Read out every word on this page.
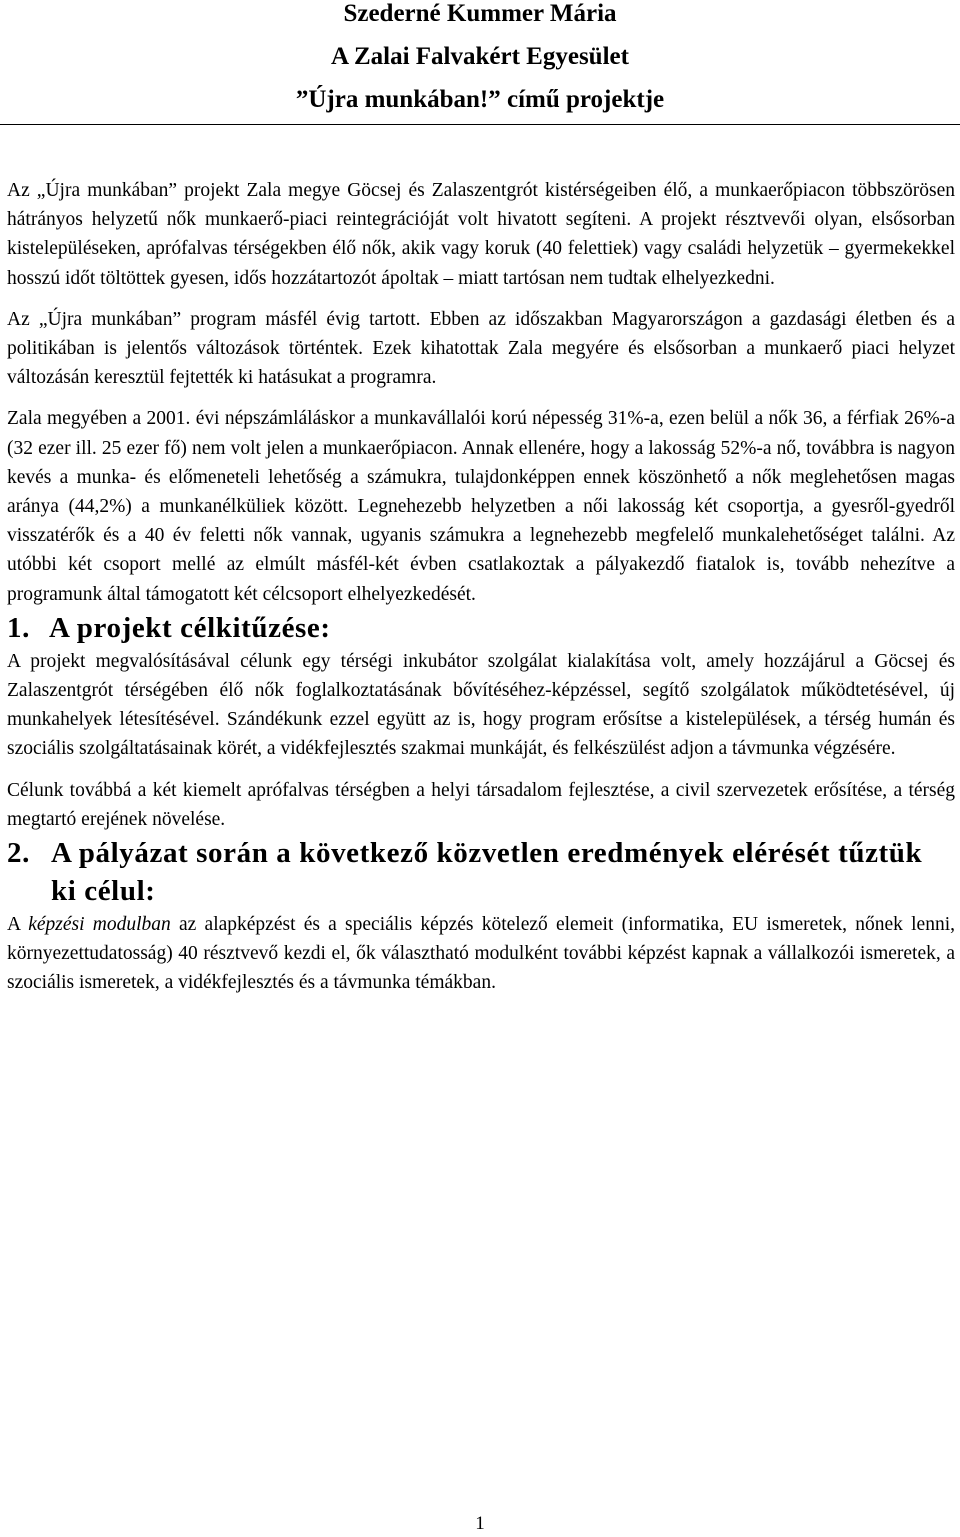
Szederné Kummer Mária
A Zalai Falvakért Egyesület
”Újra munkában!” című projektje

Az „Újra munkában” projekt Zala megye Göcsej és Zalaszentgrót kistérségeiben élő, a munkaerőpiacon többszörösen hátrányos helyzetű nők munkaerő-piaci reintegrációját volt hivatott segíteni. A projekt résztvevői olyan, elsősorban kistelepüléseken, aprófalvas térségekben élő nők, akik vagy koruk (40 felettiek) vagy családi helyzetük – gyermekekkel hosszú időt töltöttek gyesen, idős hozzátartozót ápoltak – miatt tartósan nem tudtak elhelyezkedni.

Az „Újra munkában” program másfél évig tartott. Ebben az időszakban Magyarországon a gazdasági életben és a politikában is jelentős változások történtek. Ezek kihatottak Zala megyére és elsősorban a munkaerő piaci helyzet változásán keresztül fejtették ki hatásukat a programra.

Zala megyében a 2001. évi népszámláláskor a munkavállalói korú népesség 31%-a, ezen belül a nők 36, a férfiak 26%-a (32 ezer ill. 25 ezer fő) nem volt jelen a munkaerőpiacon. Annak ellenére, hogy a lakosság 52%-a nő, továbbra is nagyon kevés a munka- és előmeneteli lehetőség a számukra, tulajdonképpen ennek köszönhető a nők meglehetősen magas aránya (44,2%) a munkanélküliek között. Legnehezebb helyzetben a női lakosság két csoportja, a gyesről-gyedről visszatérők és a 40 év feletti nők vannak, ugyanis számukra a legnehezebb megfelelő munkalehetőséget találni. Az utóbbi két csoport mellé az elmúlt másfél-két évben csatlakoztak a pályakezdő fiatalok is, tovább nehezítve a programunk által támogatott két célcsoport elhelyezkedését.

1. A projekt célkitűzése:

A projekt megvalósításával célunk egy térségi inkubátor szolgálat kialakítása volt, amely hozzájárul a Göcsej és Zalaszentgrót térségében élő nők foglalkoztatásának bővítéséhez-képzéssel, segítő szolgálatok működtetésével, új munkahelyek létesítésével. Szándékunk ezzel együtt az is, hogy program erősítse a kistelepülések, a térség humán és szociális szolgáltatásainak körét, a vidékfejlesztés szakmai munkáját, és felkészülést adjon a távmunka végzésére.

Célunk továbbá a két kiemelt aprófalvas térségben a helyi társadalom fejlesztése, a civil szervezetek erősítése, a térség megtartó erejének növelése.

2. A pályázat során a következő közvetlen eredmények elérését tűztük ki célul:

A képzési modulban az alapképzést és a speciális képzés kötelező elemeit (informatika, EU ismeretek, nőnek lenni, környezettudatosság) 40 résztvevő kezdi el, ők választható modulként további képzést kapnak a vállalkozói ismeretek, a szociális ismeretek, a vidékfejlesztés és a távmunka témákban.

1
